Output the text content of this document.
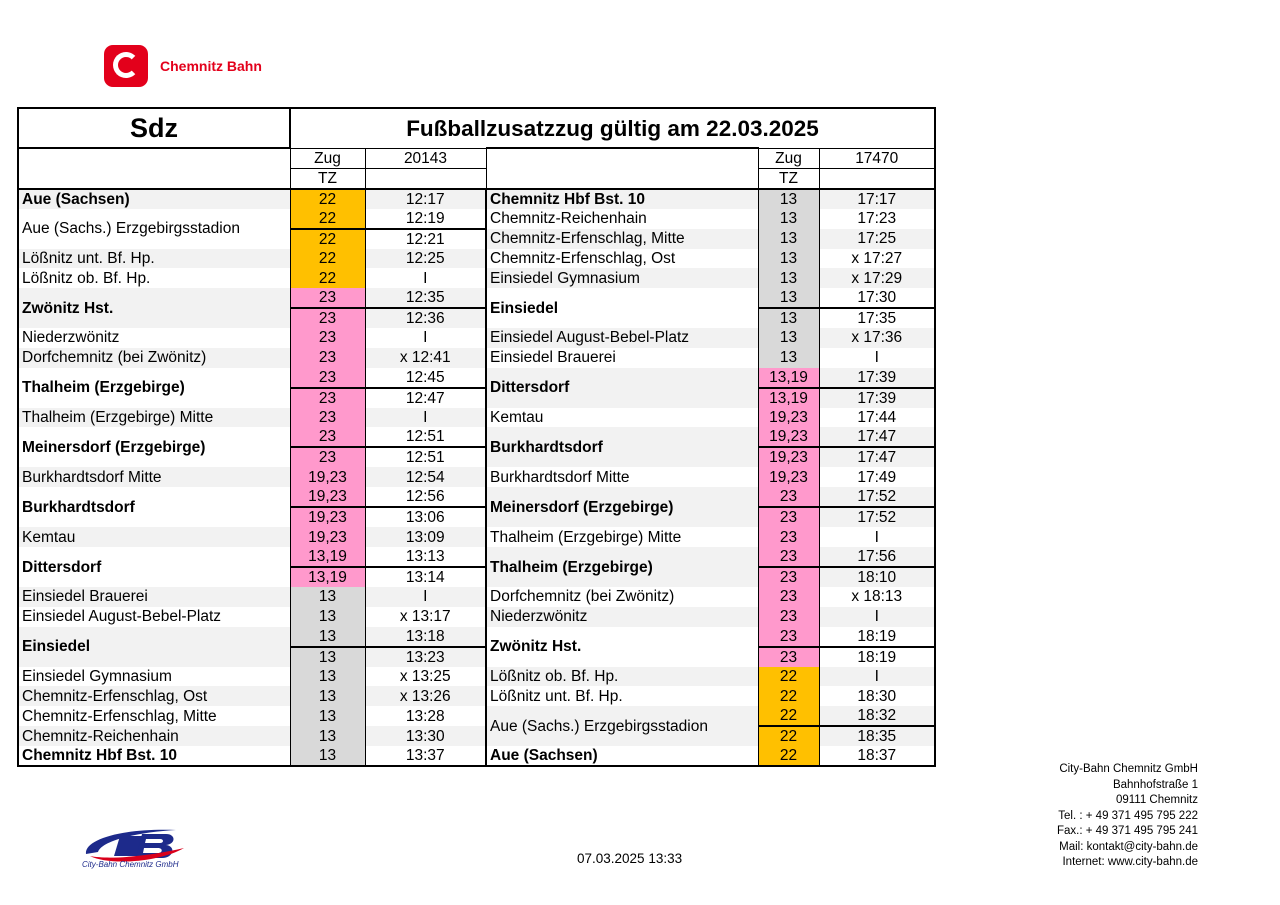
Chemnitz Bahn
Sdz	Fußballzusatzzug gültig am 22.03.2025				
	Zug	20143		Zug	17470
	TZ			TZ	
Aue (Sachsen)	22	12:17	Chemnitz Hbf Bst. 10	13	17:17
Aue (Sachs.) Erzgebirgsstadion	22	12:19	Chemnitz-Reichenhain	13	17:23
	22	12:21	Chemnitz-Erfenschlag, Mitte	13	17:25
Lößnitz unt. Bf. Hp.	22	12:25	Chemnitz-Erfenschlag, Ost	13	x 17:27
Lößnitz ob. Bf. Hp.	22	I	Einsiedel Gymnasium	13	x 17:29
Zwönitz Hst.	23	12:35	Einsiedel	13	17:30
	23	12:36		13	17:35
Niederzwönitz	23	I	Einsiedel August-Bebel-Platz	13	x 17:36
Dorfchemnitz (bei Zwönitz)	23	x 12:41	Einsiedel Brauerei	13	I
Thalheim (Erzgebirge)	23	12:45	Dittersdorf	13,19	17:39
	23	12:47		13,19	17:39
Thalheim (Erzgebirge) Mitte	23	I	Kemtau	19,23	17:44
Meinersdorf (Erzgebirge)	23	12:51	Burkhardtsdorf	19,23	17:47
	23	12:51		19,23	17:47
Burkhardtsdorf Mitte	19,23	12:54	Burkhardtsdorf Mitte	19,23	17:49
Burkhardtsdorf	19,23	12:56	Meinersdorf (Erzgebirge)	23	17:52
	19,23	13:06		23	17:52
Kemtau	19,23	13:09	Thalheim (Erzgebirge) Mitte	23	I
Dittersdorf	13,19	13:13	Thalheim (Erzgebirge)	23	17:56
	13,19	13:14		23	18:10
Einsiedel Brauerei	13	I	Dorfchemnitz (bei Zwönitz)	23	x 18:13
Einsiedel August-Bebel-Platz	13	x 13:17	Niederzwönitz	23	I
Einsiedel	13	13:18	Zwönitz Hst.	23	18:19
	13	13:23		23	18:19
Einsiedel Gymnasium	13	x 13:25	Lößnitz ob. Bf. Hp.	22	I
Chemnitz-Erfenschlag, Ost	13	x 13:26	Lößnitz unt. Bf. Hp.	22	18:30
Chemnitz-Erfenschlag, Mitte	13	13:28	Aue (Sachs.) Erzgebirgsstadion	22	18:32
Chemnitz-Reichenhain	13	13:30		22	18:35
Chemnitz Hbf Bst. 10	13	13:37	Aue (Sachsen)	22	18:37
City-Bahn Chemnitz GmbH	07.03.2025 13:33
City-Bahn Chemnitz GmbH
Bahnhofstraße 1
09111 Chemnitz
Tel. : + 49 371 495 795 222
Fax.: + 49 371 495 795 241
Mail: kontakt@city-bahn.de
Internet: www.city-bahn.de
